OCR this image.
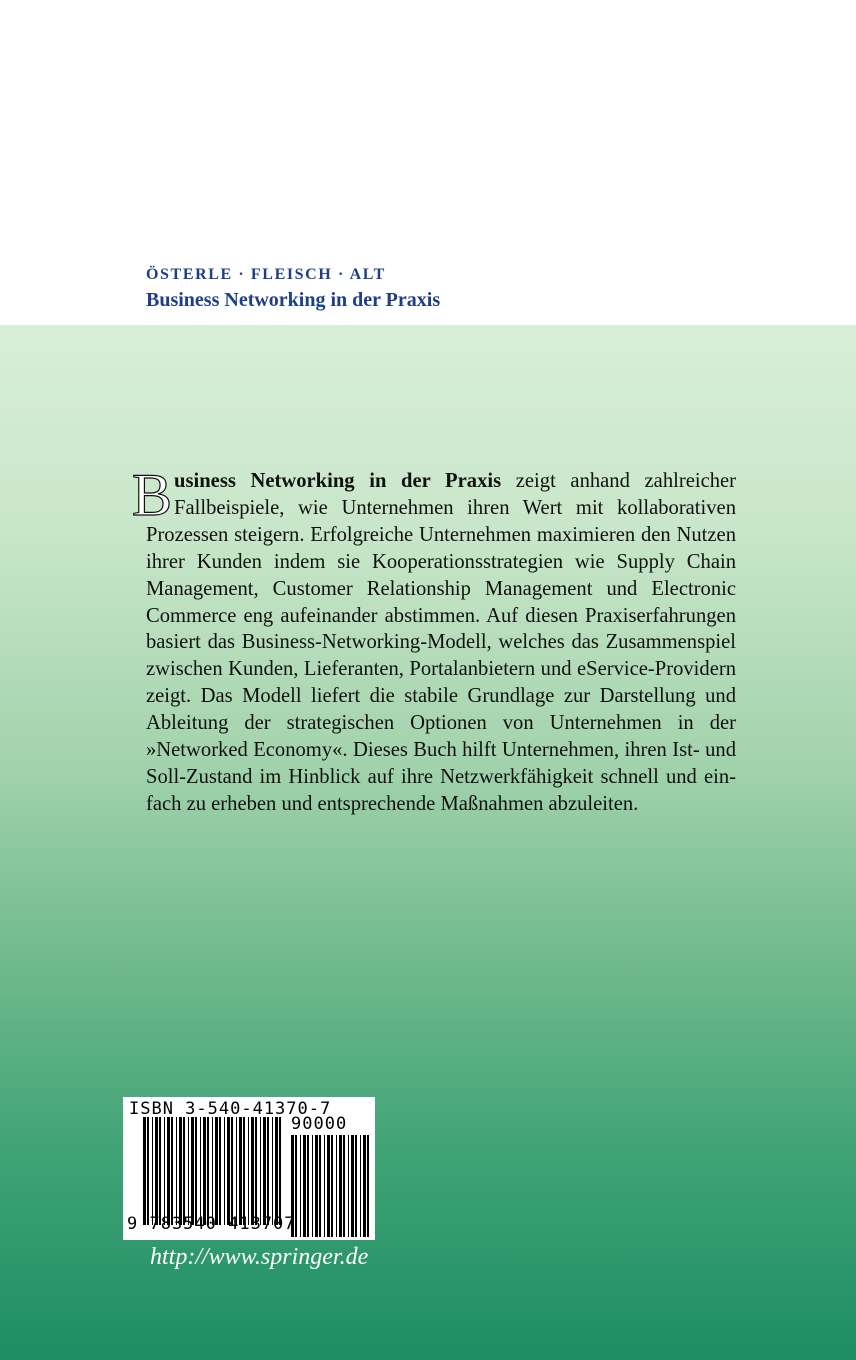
ÖSTERLE · FLEISCH · ALT
Business Networking in der Praxis

Business Networking in der Praxis zeigt anhand zahlreicher Fallbeispiele, wie Unternehmen ihren Wert mit kollaborativen Prozessen steigern. Erfolgreiche Unternehmen maximieren den Nutzen ihrer Kunden indem sie Kooperationsstrategien wie Supply Chain Management, Customer Relationship Management und Electronic Commerce eng aufeinander abstimmen. Auf diesen Praxiserfahrungen basiert das Business-Networking-Modell, welches das Zusammenspiel zwischen Kunden, Lieferanten, Portalanbietern und eService-Providern zeigt. Das Modell liefert die stabile Grundlage zur Darstellung und Ableitung der strategischen Optionen von Unternehmen in der »Networked Economy«. Dieses Buch hilft Unternehmen, ihren Ist- und Soll-Zustand im Hinblick auf ihre Netzwerkfähigkeit schnell und einfach zu erheben und entsprechende Maßnahmen abzuleiten.

ISBN 3-540-41370-7
90000
9 783540 413707
http://www.springer.de
